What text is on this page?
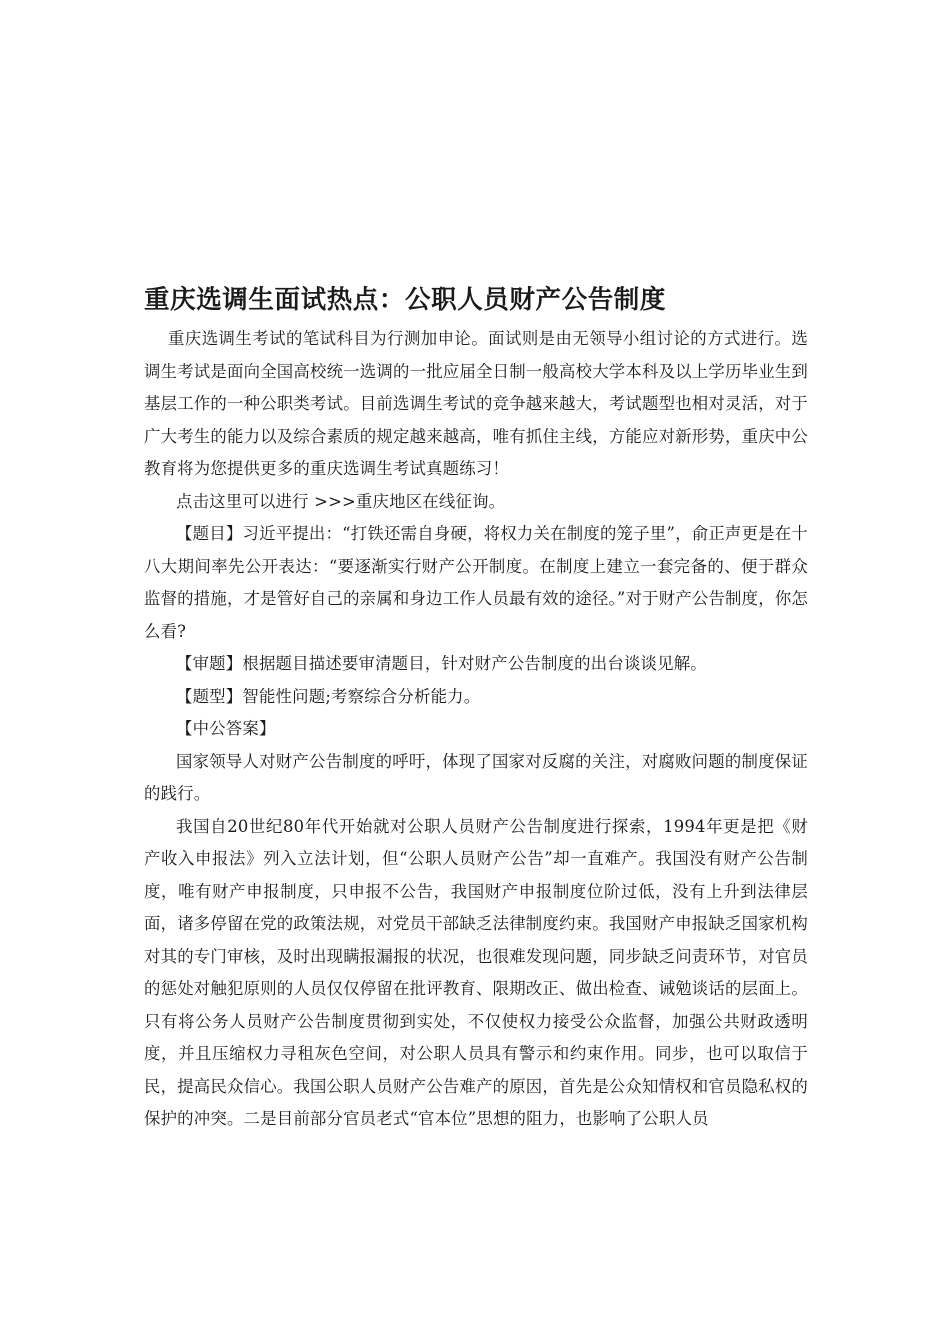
重庆选调生面试热点：公职人员财产公告制度

重庆选调生考试的笔试科目为行测加申论。面试则是由无领导小组讨论的方式进行。选调生考试是面向全国高校统一选调的一批应届全日制一般高校大学本科及以上学历毕业生到基层工作的一种公职类考试。目前选调生考试的竞争越来越大，考试题型也相对灵活，对于广大考生的能力以及综合素质的规定越来越高，唯有抓住主线，方能应对新形势，重庆中公教育将为您提供更多的重庆选调生考试真题练习！

点击这里可以进行 >>>重庆地区在线征询。

【题目】习近平提出：“打铁还需自身硬，将权力关在制度的笼子里”，俞正声更是在十八大期间率先公开表达：“要逐渐实行财产公开制度。在制度上建立一套完备的、便于群众监督的措施，才是管好自己的亲属和身边工作人员最有效的途径。”对于财产公告制度，你怎么看?

【审题】根据题目描述要审清题目，针对财产公告制度的出台谈谈见解。

【题型】智能性问题;考察综合分析能力。

【中公答案】

国家领导人对财产公告制度的呼吁，体现了国家对反腐的关注，对腐败问题的制度保证的践行。

我国自20世纪80年代开始就对公职人员财产公告制度进行探索，1994年更是把《财产收入申报法》列入立法计划，但“公职人员财产公告”却一直难产。我国没有财产公告制度，唯有财产申报制度，只申报不公告，我国财产申报制度位阶过低，没有上升到法律层面，诸多停留在党的政策法规，对党员干部缺乏法律制度约束。我国财产申报缺乏国家机构对其的专门审核，及时出现瞒报漏报的状况，也很难发现问题，同步缺乏问责环节，对官员的惩处对触犯原则的人员仅仅停留在批评教育、限期改正、做出检查、诫勉谈话的层面上。只有将公务人员财产公告制度贯彻到实处，不仅使权力接受公众监督，加强公共财政透明度，并且压缩权力寻租灰色空间，对公职人员具有警示和约束作用。同步，也可以取信于民，提高民众信心。我国公职人员财产公告难产的原因，首先是公众知情权和官员隐私权的保护的冲突。二是目前部分官员老式“官本位”思想的阻力，也影响了公职人员
